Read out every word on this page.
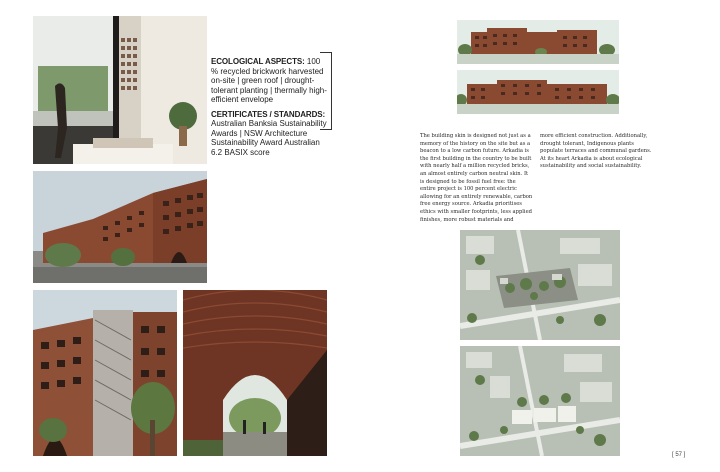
ECOLOGICAL ASPECTS: 100 % recycled brickwork harvested on-site | green roof | drought-tolerant planting | thermally high-efficient envelope

CERTIFICATES / STANDARDS:
Australian Banksia Sustainability Awards | NSW Architecture Sustainability Award Australian 6.2 BASIX score

The building skin is designed not just as a memory of the history on the site but as a beacon to a low carbon future. Arkadia is the first building in the country to be built with nearly half a million recycled bricks, an almost entirely carbon neutral skin. It is designed to be fossil fuel free: the entire project is 100 percent electric allowing for an entirely renewable, carbon free energy source. Arkadia prioritises ethics with smaller footprints, less applied finishes, more robust materials and
more efficient construction. Additionally, drought tolerant, Indigenous plants populate terraces and communal gardens. At its heart Arkadia is about ecological sustainability and social sustainability.
[ 57 ]
